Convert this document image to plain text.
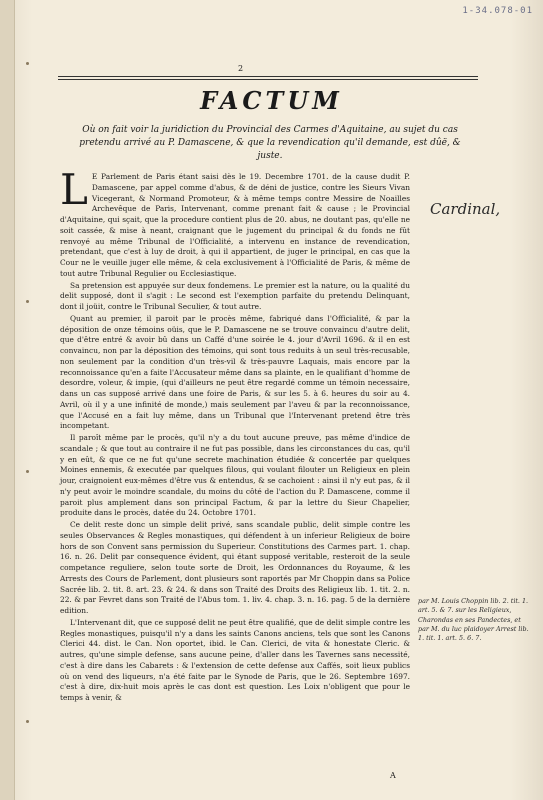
1-34.078-01
2
FACTUM

Où on fait voir la juridiction du Provincial des Carmes d'Aquitaine, au sujet du cas pretendu arrivé au P. Damascene, & que la revendication qu'il demande, est dûë, & juste.

L E Parlement de Paris étant saisi dès le 19. Decembre 1701. de la cause dudit P. Damascene, par appel comme d'abus, & de déni de justice, contre les Sieurs Vivan Vicegerant, & Normand Promoteur, & à même temps contre Messire de Noailles Archevêque de Paris, Intervenant, comme prenant fait & cause ; le Provincial d'Aquitaine, qui sçait, que la procedure contient plus de 20. abus, ne doutant pas, qu'elle ne soit cassée, & mise à neant, craignant que le jugement du principal & du fonds ne fût renvoyé au même Tribunal de l'Officialité, a intervenu en instance de revendication, pretendant, que c'est à luy de droit, à qui il appartient, de juger le principal, en cas que la Cour ne le veuille juger elle même, & cela exclusivement à l'Officialité de Paris, & même de tout autre Tribunal Regulier ou Ecclesiastique.

Sa pretension est appuyée sur deux fondemens. Le premier est la nature, ou la qualité du delit supposé, dont il s'agit : Le second est l'exemption parfaite du pretendu Delinquant, dont il joüit, contre le Tribunal Seculier, & tout autre.

Quant au premier, il paroit par le procès même, fabriqué dans l'Officialité, & par la déposition de onze témoins oüis, que le P. Damascene ne se trouve convaincu d'autre delit, que d'être entré & avoir bû dans un Caffé d'une soirée le 4. jour d'Avril 1696. & il en est convaincu, non par la déposition des témoins, qui sont tous reduits à un seul très-recusable, non seulement par la condition d'un très-vil & très-pauvre Laquais, mais encore par la reconnoissance qu'en a faite l'Accusateur même dans sa plainte, en le qualifiant d'homme de desordre, voleur, & impie, (qui d'ailleurs ne peut être regardé comme un témoin necessaire, dans un cas supposé arrivé dans une foire de Paris, & sur les 5. à 6. heures du soir au 4. Avril, où il y a une infinité de monde,) mais seulement par l'aveu & par la reconnoissance, que l'Accusé en a fait luy même, dans un Tribunal que l'Intervenant pretend être très incompetant.

Il paroît même par le procès, qu'il n'y a du tout aucune preuve, pas même d'indice de scandale ; & que tout au contraire il ne fut pas possible, dans les circonstances du cas, qu'il y en eût, & que ce ne fut qu'une secrete machination étudiée & concertée par quelques Moines ennemis, & executée par quelques filous, qui voulant filouter un Religieux en plein jour, craignoient eux-mêmes d'être vus & entendus, & se cachoient : ainsi il n'y eut pas, & il n'y peut avoir le moindre scandale, du moins du côté de l'action du P. Damascene, comme il paroit plus amplement dans son principal Factum, & par la lettre du Sieur Chapelier, produite dans le procès, datée du 24. Octobre 1701.

Ce delit reste donc un simple delit privé, sans scandale public, delit simple contre les seules Observances & Regles monastiques, qui défendent à un inferieur Religieux de boire hors de son Convent sans permission du Superieur. Constitutions des Carmes part. 1. chap. 16. n. 26. Delit par consequence évident, qui étant supposé veritable, resteroit de la seule competance reguliere, selon toute sorte de Droit, les Ordonnances du Royaume, & les Arrests des Cours de Parlement, dont plusieurs sont raportés par Mr Choppin dans sa Police Sacrée lib. 2. tit. 8. art. 23. & 24. & dans son Traité des Droits des Religieux lib. 1. tit. 2. n. 22. & par Fevret dans son Traité de l'Abus tom. 1. liv. 4. chap. 3. n. 16. pag. 5 de la dernière edition.

L'Intervenant dit, que ce supposé delit ne peut être qualifié, que de delit simple contre les Regles monastiques, puisqu'il n'y a dans les saints Canons anciens, tels que sont les Canons Clerici 44. dist. le Can. Non oportet, ibid. le Can. Clerici, de vita & honestate Cleric. & autres, qu'une simple defense, sans aucune peine, d'aller dans les Tavernes sans necessité, c'est à dire dans les Cabarets : & l'extension de cette defense aux Caffés, soit lieux publics où on vend des liqueurs, n'a été faite par le Synode de Paris, que le 26. Septembre 1697. c'est à dire, dix-huit mois après le cas dont est question. Les Loix n'obligent que pour le temps à venir, &

Cardinal,
par M. Louis Choppin lib. 2. tit. 1. art. 5. & 7. sur les Religieux, Charondas en ses Pandectes, et par M. du luc plaidoyer Arrest lib. 1. tit. 1. art. 5. 6. 7.
A
